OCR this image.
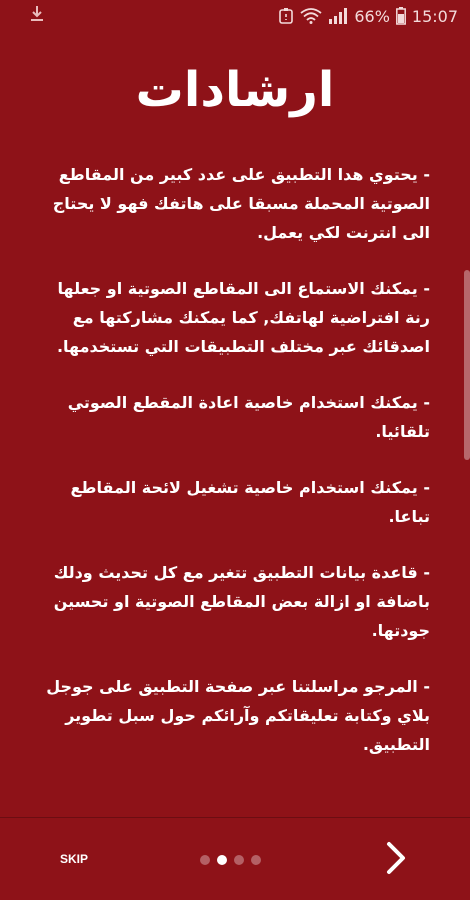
66% 15:07
ارشادات

- يحتوي هدا التطبيق على عدد كبير من المقاطع الصوتية المحملة مسبقا على هاتفك فهو لا يحتاج الى انترنت لكي يعمل.

- يمكنك الاستماع الى المقاطع الصوتية او جعلها رنة افتراضية لهاتفك, كما يمكنك مشاركتها مع اصدقائك عبر مختلف التطبيقات التي تستخدمها.

- يمكنك استخدام خاصية اعادة المقطع الصوتي تلقائيا.

- يمكنك استخدام خاصية تشغيل لائحة المقاطع تباعا.

- قاعدة بيانات التطبيق تتغير مع كل تحديث ودلك باضافة او ازالة بعض المقاطع الصوتية او تحسين جودتها.

- المرجو مراسلتنا عبر صفحة التطبيق على جوجل بلاي وكتابة تعليقاتكم وآرائكم حول سبل تطوير التطبيق.

SKIP
